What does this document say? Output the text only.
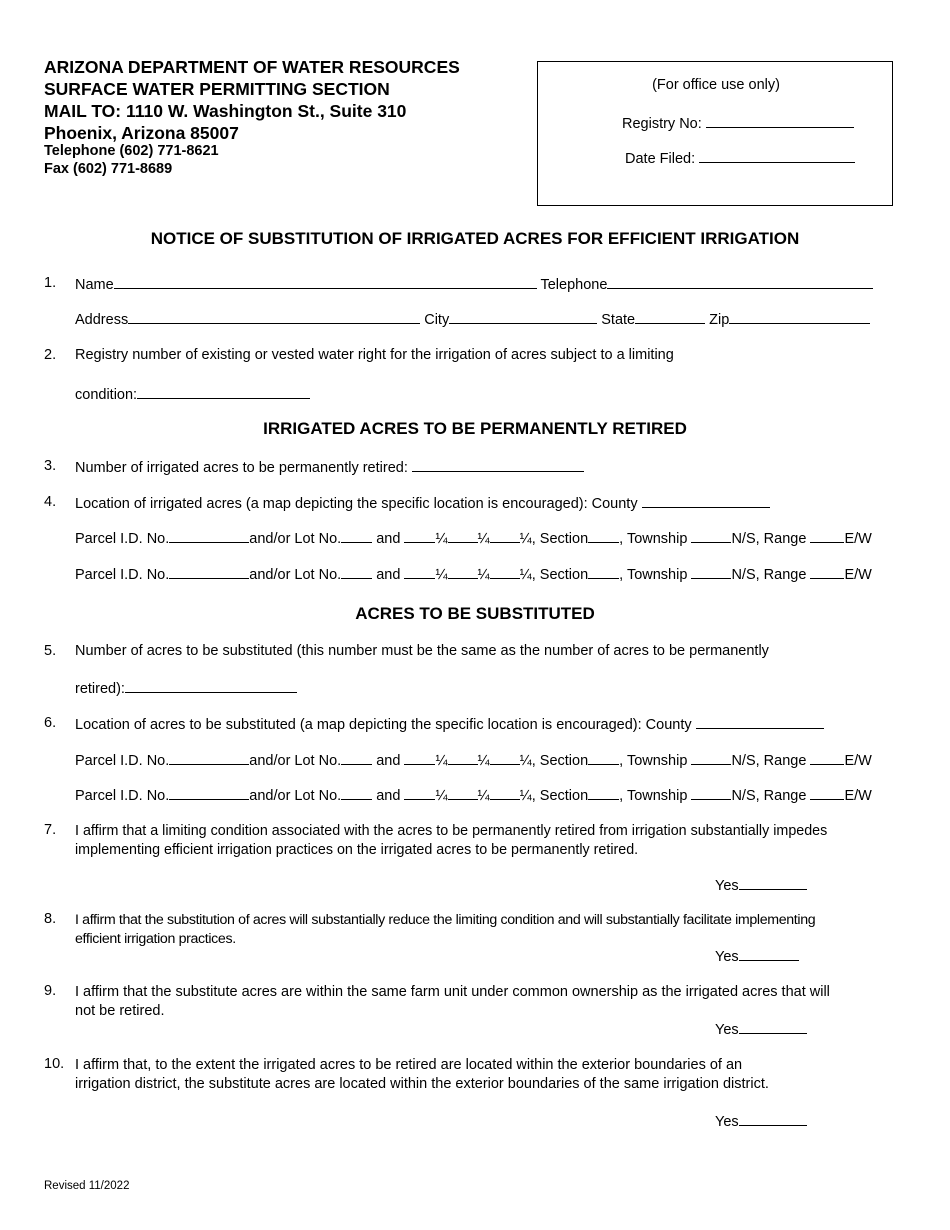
ARIZONA DEPARTMENT OF WATER RESOURCES
SURFACE WATER PERMITTING SECTION
MAIL TO: 1110 W. Washington St., Suite 310
Phoenix, Arizona 85007
Telephone (602) 771-8621
Fax (602) 771-8689
(For office use only)
Registry No:
Date Filed:
NOTICE OF SUBSTITUTION OF IRRIGATED ACRES FOR EFFICIENT IRRIGATION
1. Name	Telephone
Address	City	State	Zip
2. Registry number of existing or vested water right for the irrigation of acres subject to a limiting
condition:
IRRIGATED ACRES TO BE PERMANENTLY RETIRED
3. Number of irrigated acres to be permanently retired:
4. Location of irrigated acres (a map depicting the specific location is encouraged): County
Parcel I.D. No.	and/or Lot No. and ¼ ¼ ¼, Section , Township	N/S, Range	E/W
Parcel I.D. No.	and/or Lot No. and ¼ ¼ ¼, Section , Township	N/S, Range	E/W
ACRES TO BE SUBSTITUTED
5. Number of acres to be substituted (this number must be the same as the number of acres to be permanently
retired):
6. Location of acres to be substituted (a map depicting the specific location is encouraged): County
Parcel I.D. No.	and/or Lot No. and ¼ ¼ ¼, Section , Township	N/S, Range	E/W
Parcel I.D. No.	and/or Lot No. and ¼ ¼ ¼, Section , Township	N/S, Range	E/W
7. I affirm that a limiting condition associated with the acres to be permanently retired from irrigation substantially impedes
implementing efficient irrigation practices on the irrigated acres to be permanently retired.
Yes
8. I affirm that the substitution of acres will substantially reduce the limiting condition and will substantially facilitate implementing
efficient irrigation practices.
Yes
9. I affirm that the substitute acres are within the same farm unit under common ownership as the irrigated acres that will
not be retired.
Yes
10. I affirm that, to the extent the irrigated acres to be retired are located within the exterior boundaries of an
irrigation district, the substitute acres are located within the exterior boundaries of the same irrigation district.
Yes
Revised 11/2022
